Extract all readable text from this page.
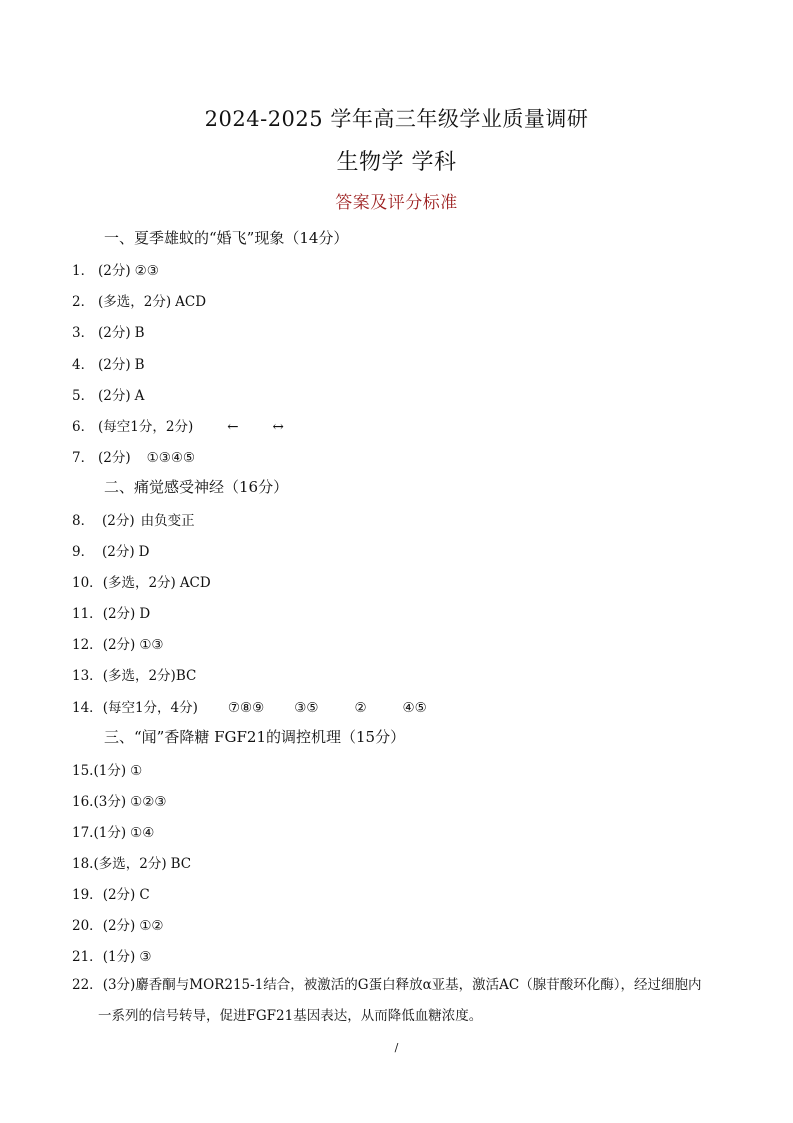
2024-2025 学年高三年级学业质量调研
生物学 学科
答案及评分标准
一、夏季雄蚊的“婚飞”现象（14分）
1． (2分) ②③
2． (多选，2分) ACD
3． (2分) B
4． (2分) B
5． (2分) A
6． (每空1分，2分)	←	↔
7． (2分) ①③④⑤
二、痛觉感受神经（16分）
8． (2分) 由负变正
9． (2分) D
10．(多选，2分) ACD
11．(2分) D
12．(2分) ①③
13．(多选，2分)BC
14．(每空1分，4分) ⑦⑧⑨ ③⑤	②	④⑤
三、“闻”香降糖 FGF21的调控机理（15分）
15.(1分) ①
16.(3分) ①②③
17.(1分) ①④
18.(多选，2分) BC
19．(2分) C
20．(2分) ①②
21．(1分) ③
22．(3分)麝香酮与MOR215-1结合，被激活的G蛋白释放α亚基，激活AC（腺苷酸环化酶），经过细胞内
一系列的信号转导，促进FGF21基因表达，从而降低血糖浓度。
/
